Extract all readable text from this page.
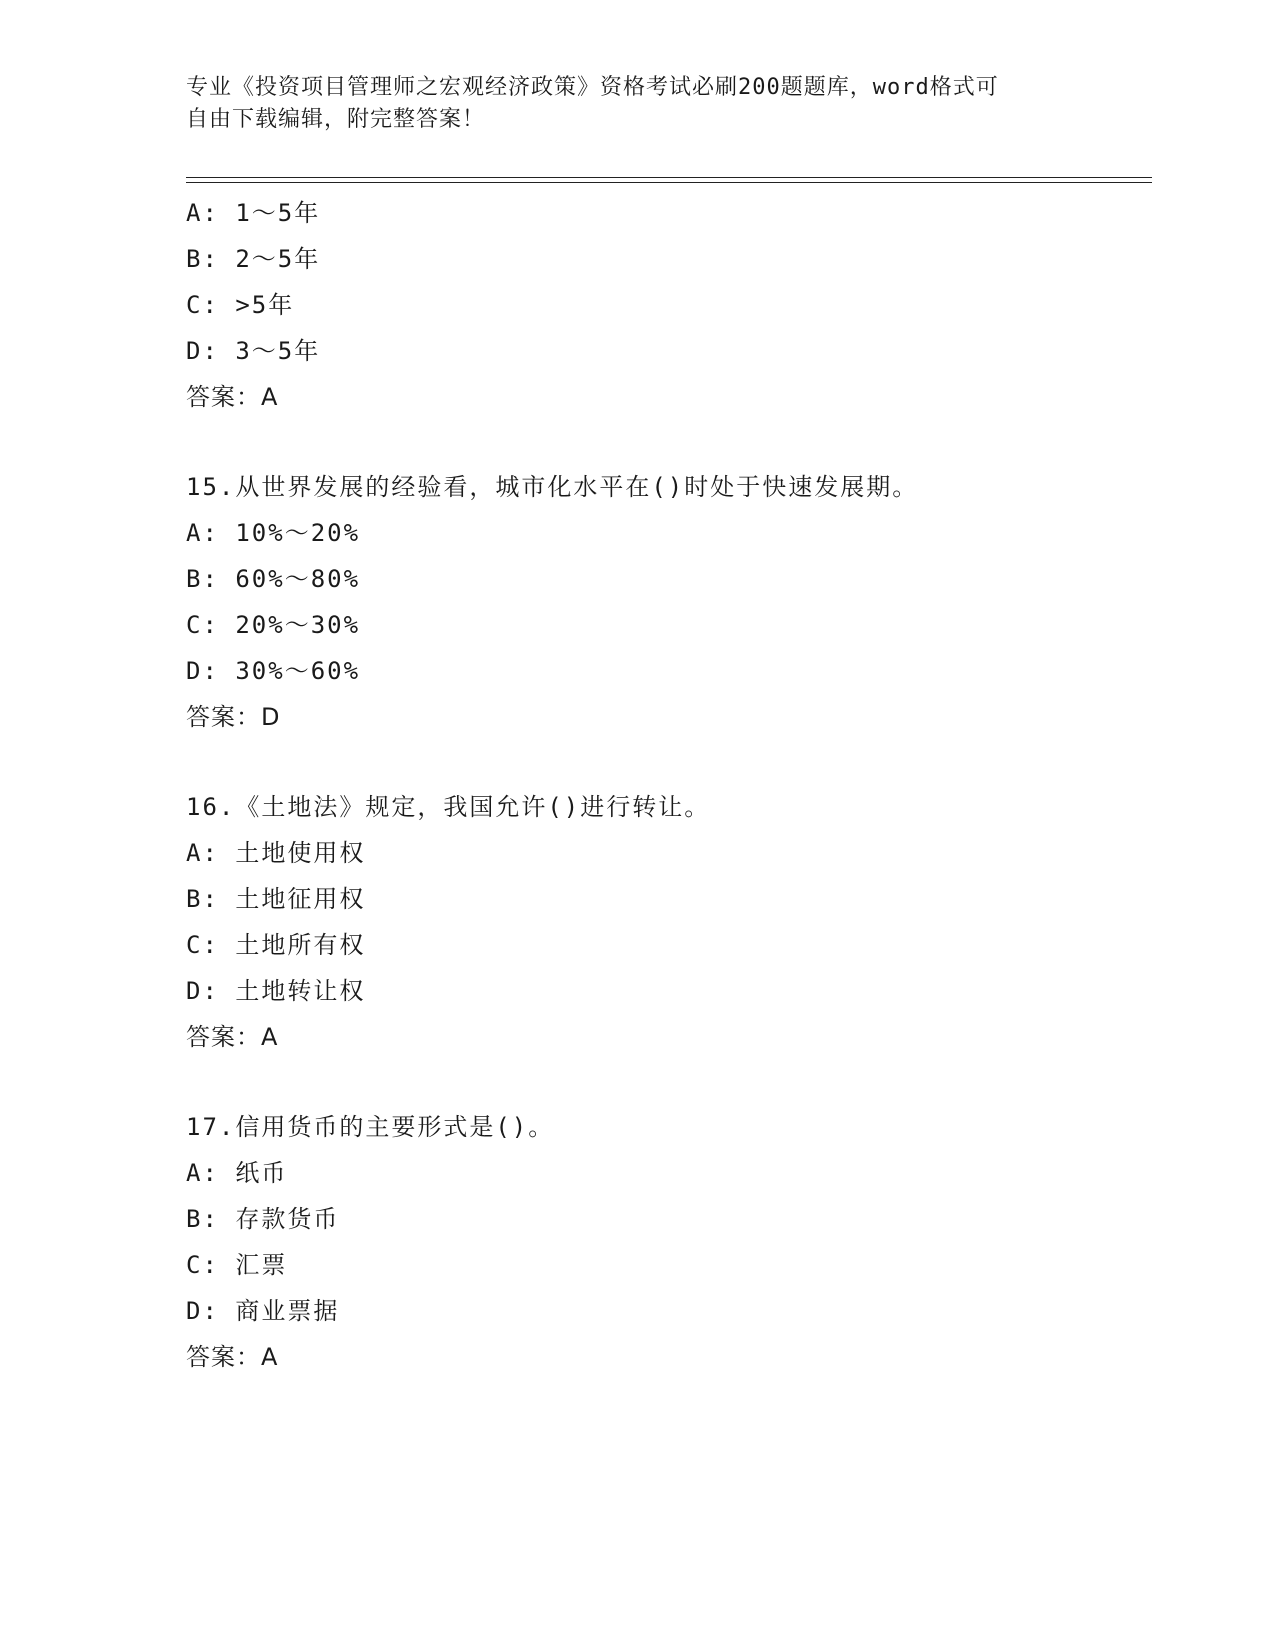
专业《投资项目管理师之宏观经济政策》资格考试必刷200题题库，word格式可
自由下载编辑，附完整答案！
A: 1～5年
B: 2～5年
C: >5年
D: 3～5年
答案：A
15.从世界发展的经验看，城市化水平在()时处于快速发展期。
A: 10%～20%
B: 60%～80%
C: 20%～30%
D: 30%～60%
答案：D
16.《土地法》规定，我国允许()进行转让。
A: 土地使用权
B: 土地征用权
C: 土地所有权
D: 土地转让权
答案：A
17.信用货币的主要形式是()。
A: 纸币
B: 存款货币
C: 汇票
D: 商业票据
答案：A
